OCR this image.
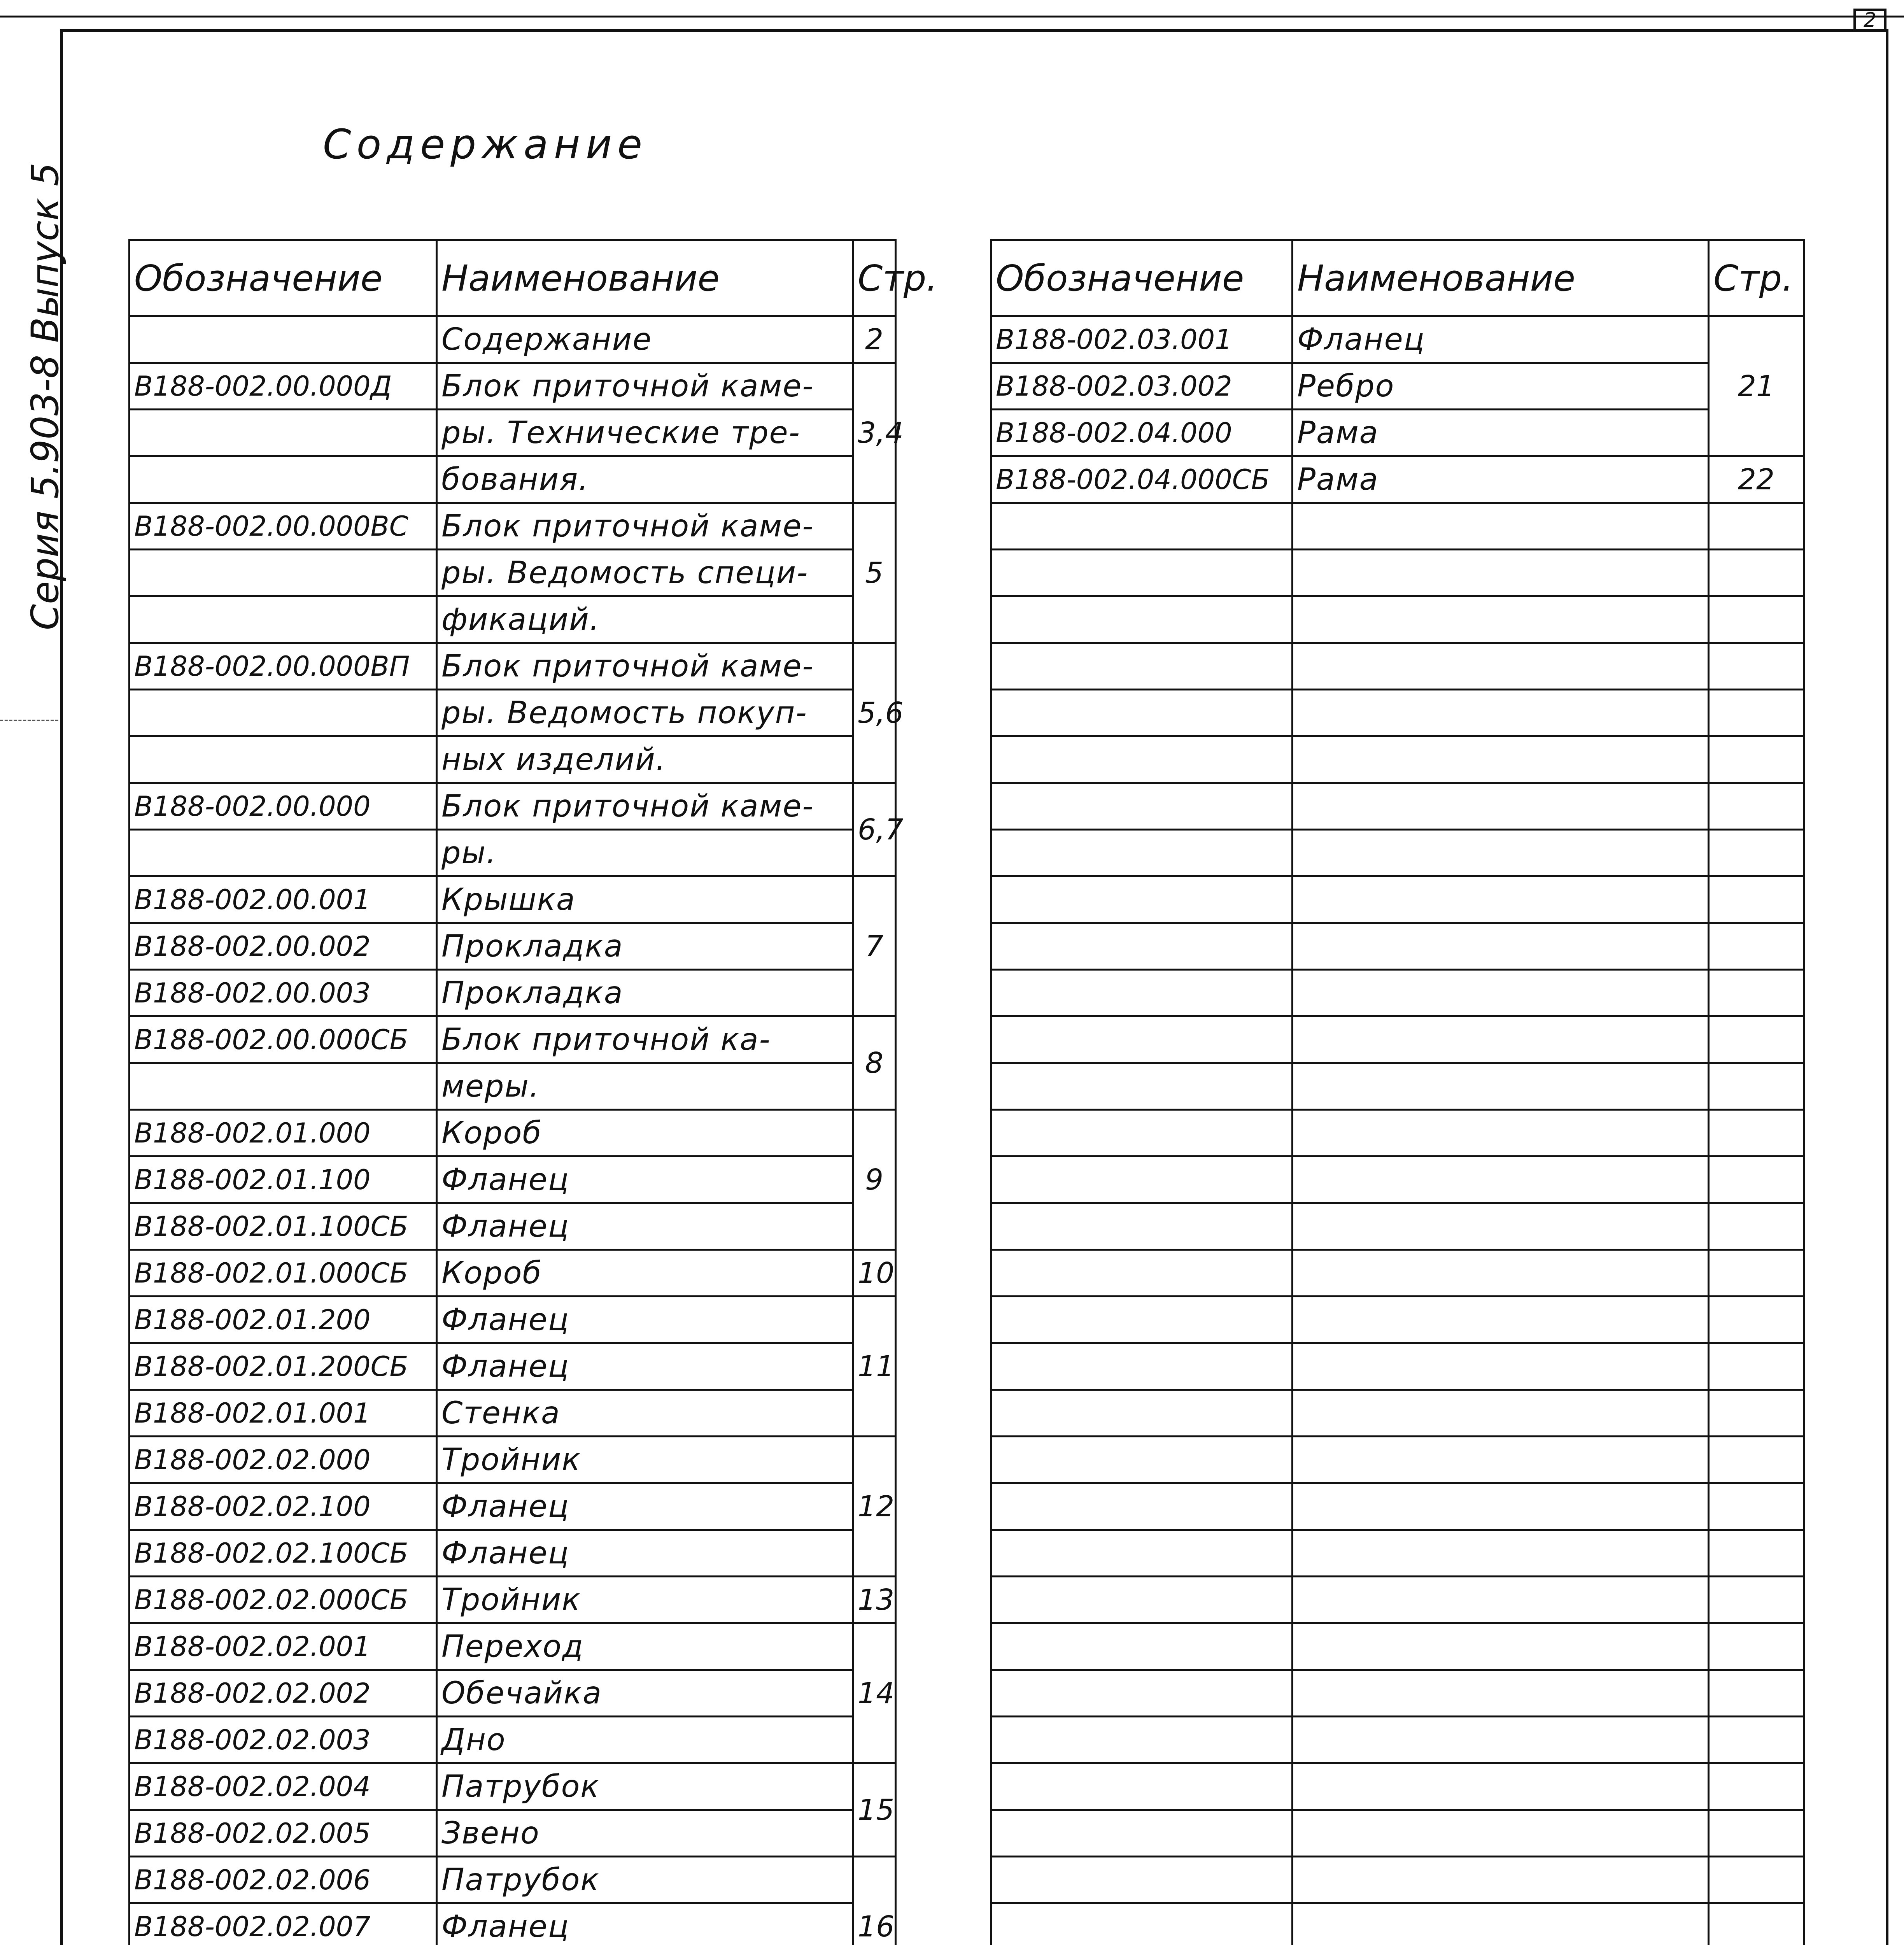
2
Серия 5.903-8 Выпуск 5
Содержание
Обозначение	Наименование	Стр.
	Содержание	2
В188-002.00.000Д	Блок приточной каме-	3,4
	ры. Технические тре-	
	бования.	
В188-002.00.000ВС	Блок приточной каме-	5
	ры. Ведомость специ-	
	фикаций.	
В188-002.00.000ВП	Блок приточной каме-	5,6
	ры. Ведомость покуп-	
	ных изделий.	
В188-002.00.000	Блок приточной каме-	6,7
	ры.	
В188-002.00.001	Крышка	7
В188-002.00.002	Прокладка	
В188-002.00.003	Прокладка	
В188-002.00.000СБ	Блок приточной ка-	8
	меры.	
В188-002.01.000	Короб	9
В188-002.01.100	Фланец	
В188-002.01.100СБ	Фланец	
В188-002.01.000СБ	Короб	10
В188-002.01.200	Фланец	11
В188-002.01.200СБ	Фланец	
В188-002.01.001	Стенка	
В188-002.02.000	Тройник	12
В188-002.02.100	Фланец	
В188-002.02.100СБ	Фланец	
В188-002.02.000СБ	Тройник	13
В188-002.02.001	Переход	14
В188-002.02.002	Обечайка	
В188-002.02.003	Дно	
В188-002.02.004	Патрубок	15
В188-002.02.005	Звено	
В188-002.02.006	Патрубок	16
В188-002.02.007	Фланец	

Обозначение	Наименование	Стр.
В188-002.03.001	Фланец	21
В188-002.03.002	Ребро	
В188-002.04.000	Рама	
В188-002.04.000СБ	Рама	22
